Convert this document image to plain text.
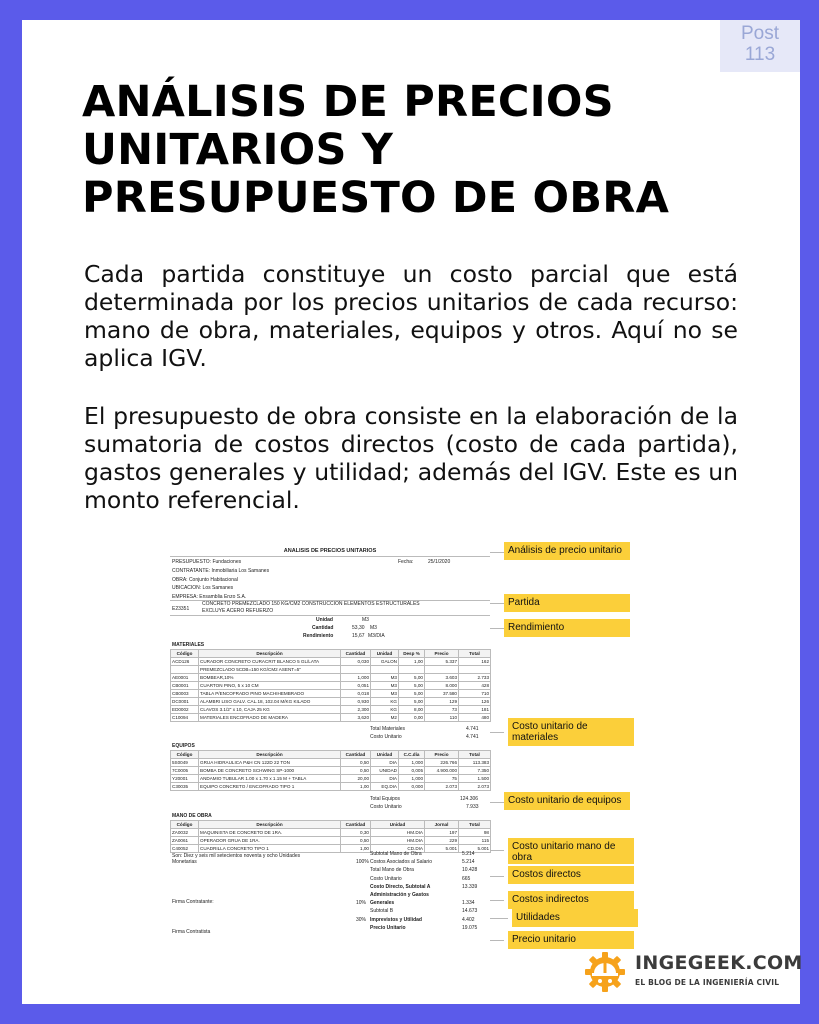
Post
113
ANÁLISIS DE PRECIOS
UNITARIOS Y
PRESUPUESTO DE OBRA

Cada partida constituye un costo parcial que está determinada por los precios unitarios de cada recurso: mano de obra, materiales, equipos y otros. Aquí no se aplica IGV.

El presupuesto de obra consiste en la elaboración de la sumatoria de costos directos (costo de cada partida), gastos generales y utilidad; además del IGV. Este es un monto referencial.

ANALISIS DE PRECIOS UNITARIOS
PRESUPUESTO: Fundaciones	Fecha:	25/1/2020
CONTRATANTE: Inmobiliaria Los Samanes
OBRA: Conjunto Habitacional
UBICACION: Los Samanes
EMPRESA: Ensamblia Enzo S.A.
E23351
CONCRETO PREMEZCLADO 150 KG/CM2 CONSTRUCCION ELEMENTOS ESTRUCTURALES EXCLUYE ACERO REFUERZO
Unidad	M3
Cantidad	53,30 M3
Rendimiento	15,67 M3/DIA
MATERIALES
Código	Descripción	Cantidad	Unidad	Desp %	Precio	Total
ACD126	CURADOR CONCRETO CURACRIT BLANCO 5 GL/LATA	0,030	GALON	1,00	5.337	162
	PREMEZCLADO 5CDB=150 KG/CM2 ASENT=5"					
AE0001	BOMBEAR,10%	1,000	M3	5,00	3.603	2.733
CB0001	CUARTON PINO, 5 x 10 CM	0,051	M3	5,00	8.000	428
CB0003	TABLA P/ENCOFRADO PINO MACHIHEMBRADO	0,018	M3	5,00	37.580	710
DC0001	ALAMBRI LISO GALV. CAL.18, 102.04 M/KG KILADO	0,930	KG	5,00	129	126
ED0002	CLAVOS 3.1/2" x 10, CAJA 25 KG	2,300	KG	8,00	73	181
C10094	MATERIALES ENCOFRADO DE MADERA	3,620	M2	0,00	110	480
Total Materiales	4.741
Costo Unitario	4.741
EQUIPOS
Código	Descripción	Cantidad	Unidad	C.C.día	Precio	Total
5S0049	GRUA HIDRAULICA P&H CN 122D 22 TON	0,50	DIA	1,000	226.766	113.383
7C0005	BOMBA DE CONCRETO SCHWING SP-1000	0,50	UNIDAD	0,005	4.900.000	7.350
Y20001	ANDAMIO TUBULAR 1.00 x 1.70 x 1.15 M + TABLA	20,00	DIA	1,000	75	1.500
C30035	EQUIPO CONCRETO / ENCOFRADO TIPO 1	1,00	EQ.DIA	0,000	2.073	2.073
Total Equipos	124.306
Costo Unitario	7.933
MANO DE OBRA
Código	Descripción	Cantidad	Unidad	Jornal	Total
ZA0032	MAQUINISTA DE CONCRETO DE 1RA.	0,30	HM.DIA	197	98
ZA0061	OPERADOR GRUA DE 1RA.	0,50	HM.DIA	229	115
C40052	CUADRILLA CONCRETO TIPO 1	1,00	CD.DIA	5.001	5.001
Son: Diez y seis mil setecientos noventa y ocho Unidades Monetarias
Subtotal Mano de Obra	5.214
100% Costos Asociados al Salario	5.214
Total Mano de Obra	10.428
Costo Unitario	665
Costo Directo, Subtotal A	13.339
Administración y Gastos
10% Generales	1.334
Subtotal B	14.673
30% Imprevistos y Utilidad	4.402
Precio Unitario	19.075
Firma Contratante:
Firma Contratista
Análisis de precio unitario
Partida
Rendimiento
Costo unitario de materiales
Costo unitario de equipos
Costo unitario mano de obra
Costos directos
Costos indirectos
Utilidades
Precio unitario
INGEGEEK.COM
EL BLOG DE LA INGENIERÍA CIVIL
